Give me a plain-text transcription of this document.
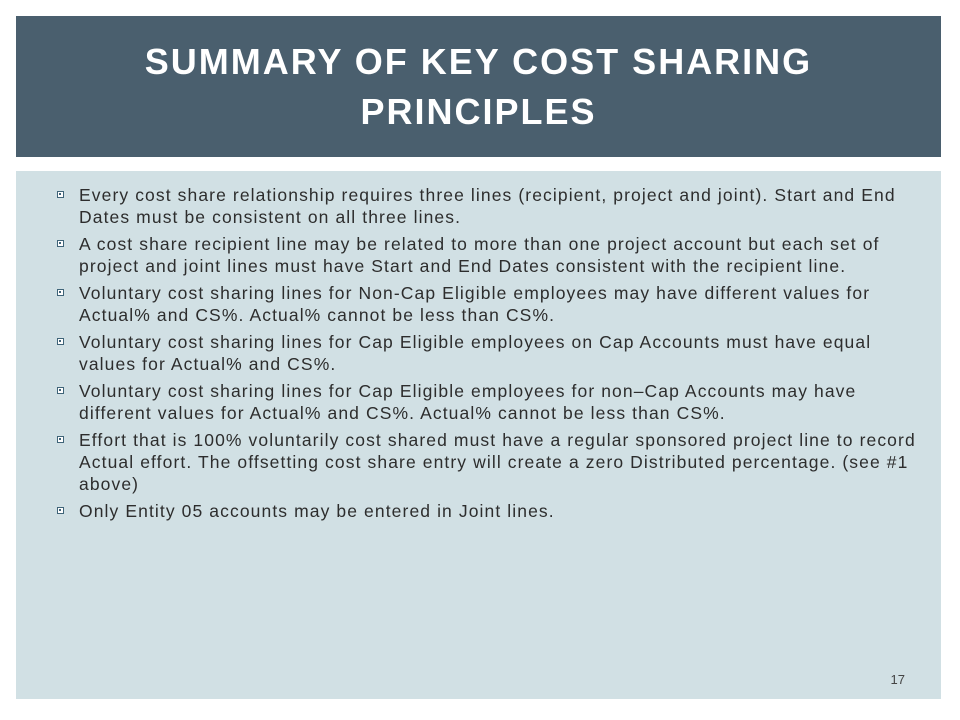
SUMMARY OF KEY COST SHARING PRINCIPLES
Every cost share relationship requires three lines (recipient, project and joint). Start and End Dates must be consistent on all three lines.
A cost share recipient line may be related to more than one project account but each set of project and joint lines must have Start and End Dates consistent with the recipient line.
Voluntary cost sharing lines for Non-Cap Eligible employees may have different values for Actual% and CS%. Actual% cannot be less than CS%.
Voluntary cost sharing lines for Cap Eligible employees on Cap Accounts must have equal values for Actual% and CS%.
Voluntary cost sharing lines for Cap Eligible employees for non–Cap Accounts may have different values for Actual% and CS%. Actual% cannot be less than CS%.
Effort that is 100% voluntarily cost shared must have a regular sponsored project line to record Actual effort. The offsetting cost share entry will create a zero Distributed percentage. (see #1 above)
Only Entity 05 accounts may be entered in Joint lines.
17
